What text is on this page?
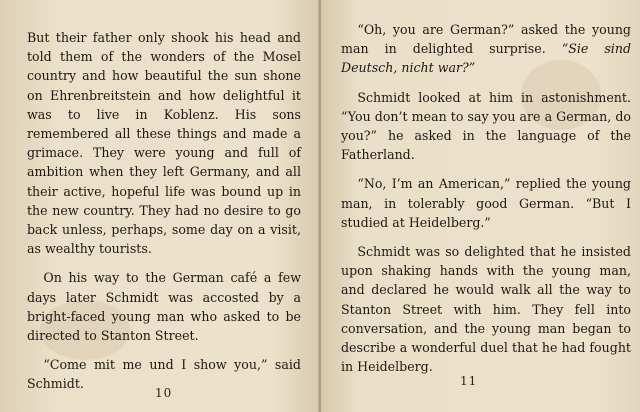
But their father only shook his head and told them of the wonders of the Mosel country and how beautiful the sun shone on Ehrenbreitstein and how delightful it was to live in Koblenz. His sons remembered all these things and made a grimace. They were young and full of ambition when they left Germany, and all their active, hopeful life was bound up in the new country. They had no desire to go back unless, perhaps, some day on a visit, as wealthy tourists.

On his way to the German café a few days later Schmidt was accosted by a bright-faced young man who asked to be directed to Stanton Street.

“Come mit me und I show you,” said Schmidt.

10

“Oh, you are German?” asked the young man in delighted surprise. “Sie sind Deutsch, nicht war?”

Schmidt looked at him in astonishment. “You don’t mean to say you are a German, do you?” he asked in the language of the Fatherland.

“No, I’m an American,” replied the young man, in tolerably good German. “But I studied at Heidelberg.”

Schmidt was so delighted that he insisted upon shaking hands with the young man, and declared he would walk all the way to Stanton Street with him. They fell into conversation, and the young man began to describe a wonderful duel that he had fought in Heidelberg.

11
